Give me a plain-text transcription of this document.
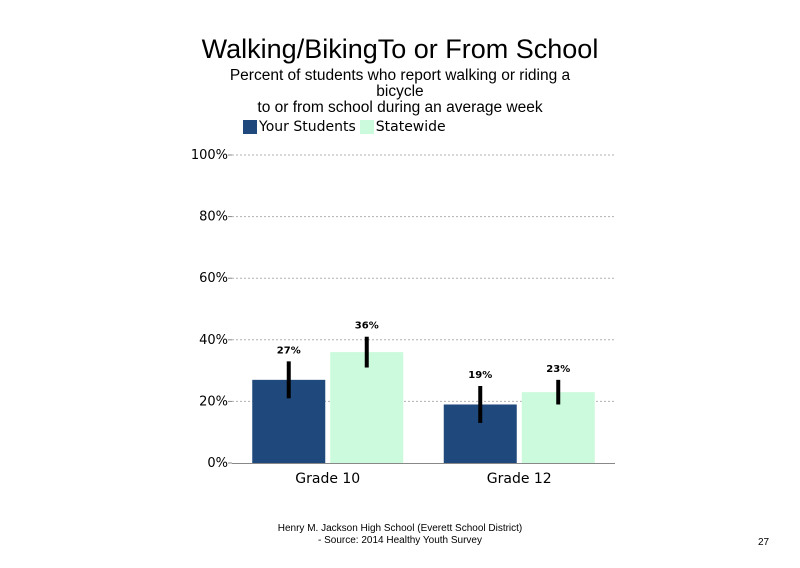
Walking/BikingTo or From School
Percent of students who report walking or riding a
bicycle
to or from school during an average week
Your Students Statewide
0%
20%
40%
60%
80%
100%
27%
36%
Grade 10
19%
23%
Grade 12
Henry M. Jackson High School (Everett School District)
- Source: 2014 Healthy Youth Survey	27
